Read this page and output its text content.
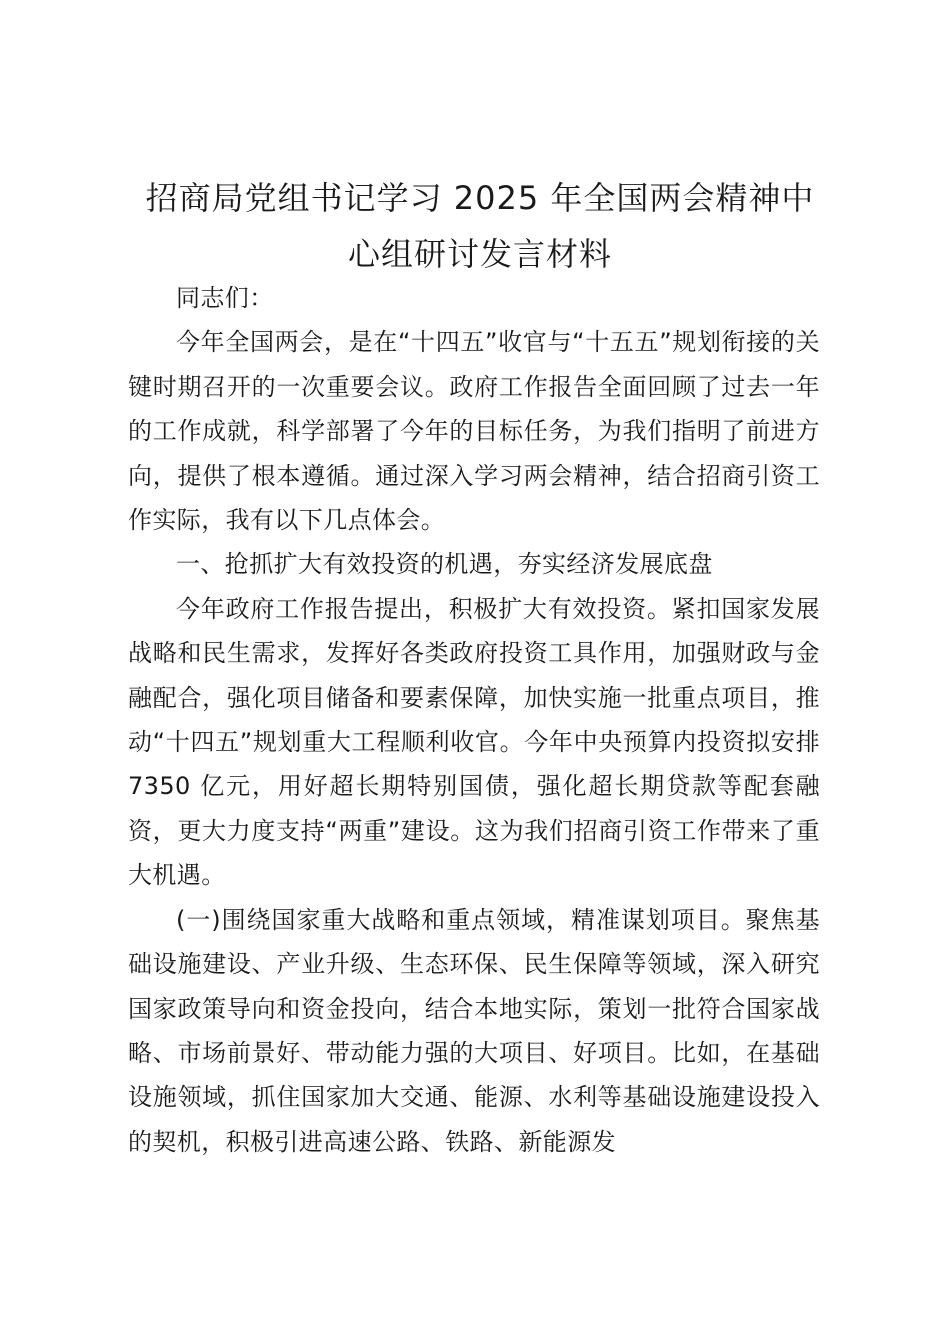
招商局党组书记学习 2025 年全国两会精神中
心组研讨发言材料

同志们：

今年全国两会，是在“十四五”收官与“十五五”规划衔接的关键时期召开的一次重要会议。政府工作报告全面回顾了过去一年的工作成就，科学部署了今年的目标任务，为我们指明了前进方向，提供了根本遵循。通过深入学习两会精神，结合招商引资工作实际，我有以下几点体会。

一、抢抓扩大有效投资的机遇，夯实经济发展底盘

今年政府工作报告提出，积极扩大有效投资。紧扣国家发展战略和民生需求，发挥好各类政府投资工具作用，加强财政与金融配合，强化项目储备和要素保障，加快实施一批重点项目，推动“十四五”规划重大工程顺利收官。今年中央预算内投资拟安排 7350 亿元，用好超长期特别国债，强化超长期贷款等配套融资，更大力度支持“两重”建设。这为我们招商引资工作带来了重大机遇。

(一)围绕国家重大战略和重点领域，精准谋划项目。聚焦基础设施建设、产业升级、生态环保、民生保障等领域，深入研究国家政策导向和资金投向，结合本地实际，策划一批符合国家战略、市场前景好、带动能力强的大项目、好项目。比如，在基础设施领域，抓住国家加大交通、能源、水利等基础设施建设投入的契机，积极引进高速公路、铁路、新能源发
